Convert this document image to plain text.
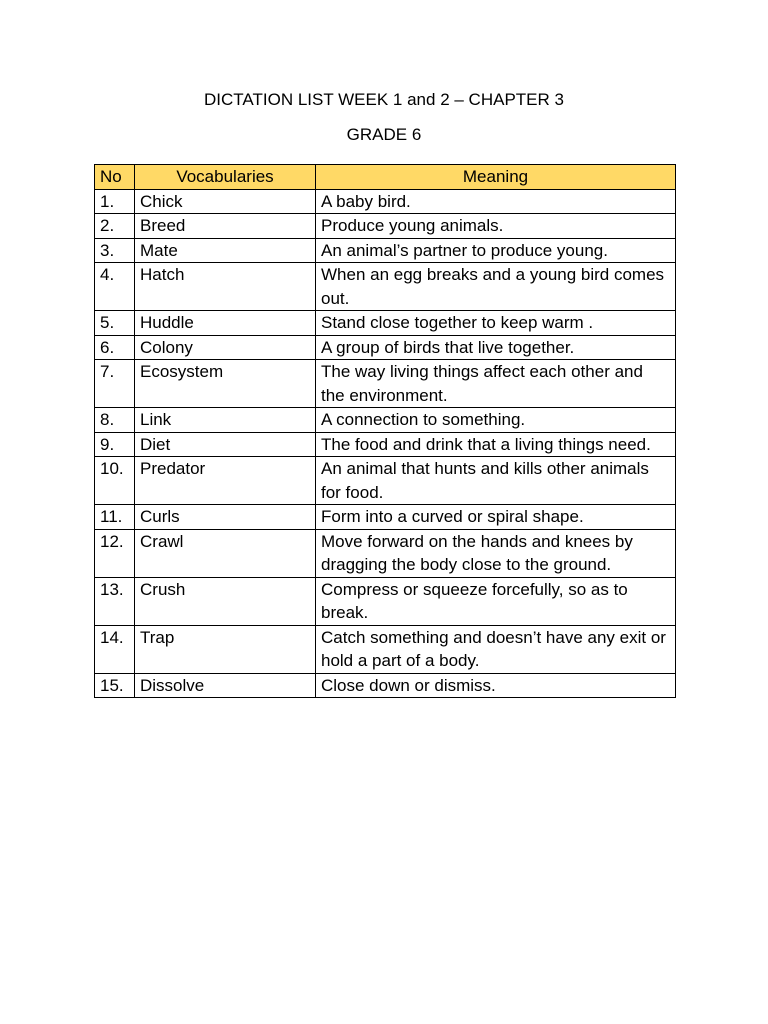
DICTATION LIST WEEK 1 and 2 – CHAPTER 3
GRADE 6
No	Vocabularies	Meaning
1.	Chick	A baby bird.
2.	Breed	Produce young animals.
3.	Mate	An animal’s partner to produce young.
4.	Hatch	When an egg breaks and a young bird comes out.
5.	Huddle	Stand close together to keep warm .
6.	Colony	A group of birds that live together.
7.	Ecosystem	The way living things affect each other and the environment.
8.	Link	A connection to something.
9.	Diet	The food and drink that a living things need.
10.	Predator	An animal that hunts and kills other animals for food.
11.	Curls	Form into a curved or spiral shape.
12.	Crawl	Move forward on the hands and knees by dragging the body close to the ground.
13.	Crush	Compress or squeeze forcefully, so as to break.
14.	Trap	Catch something and doesn’t have any exit or hold a part of a body.
15.	Dissolve	Close down or dismiss.
